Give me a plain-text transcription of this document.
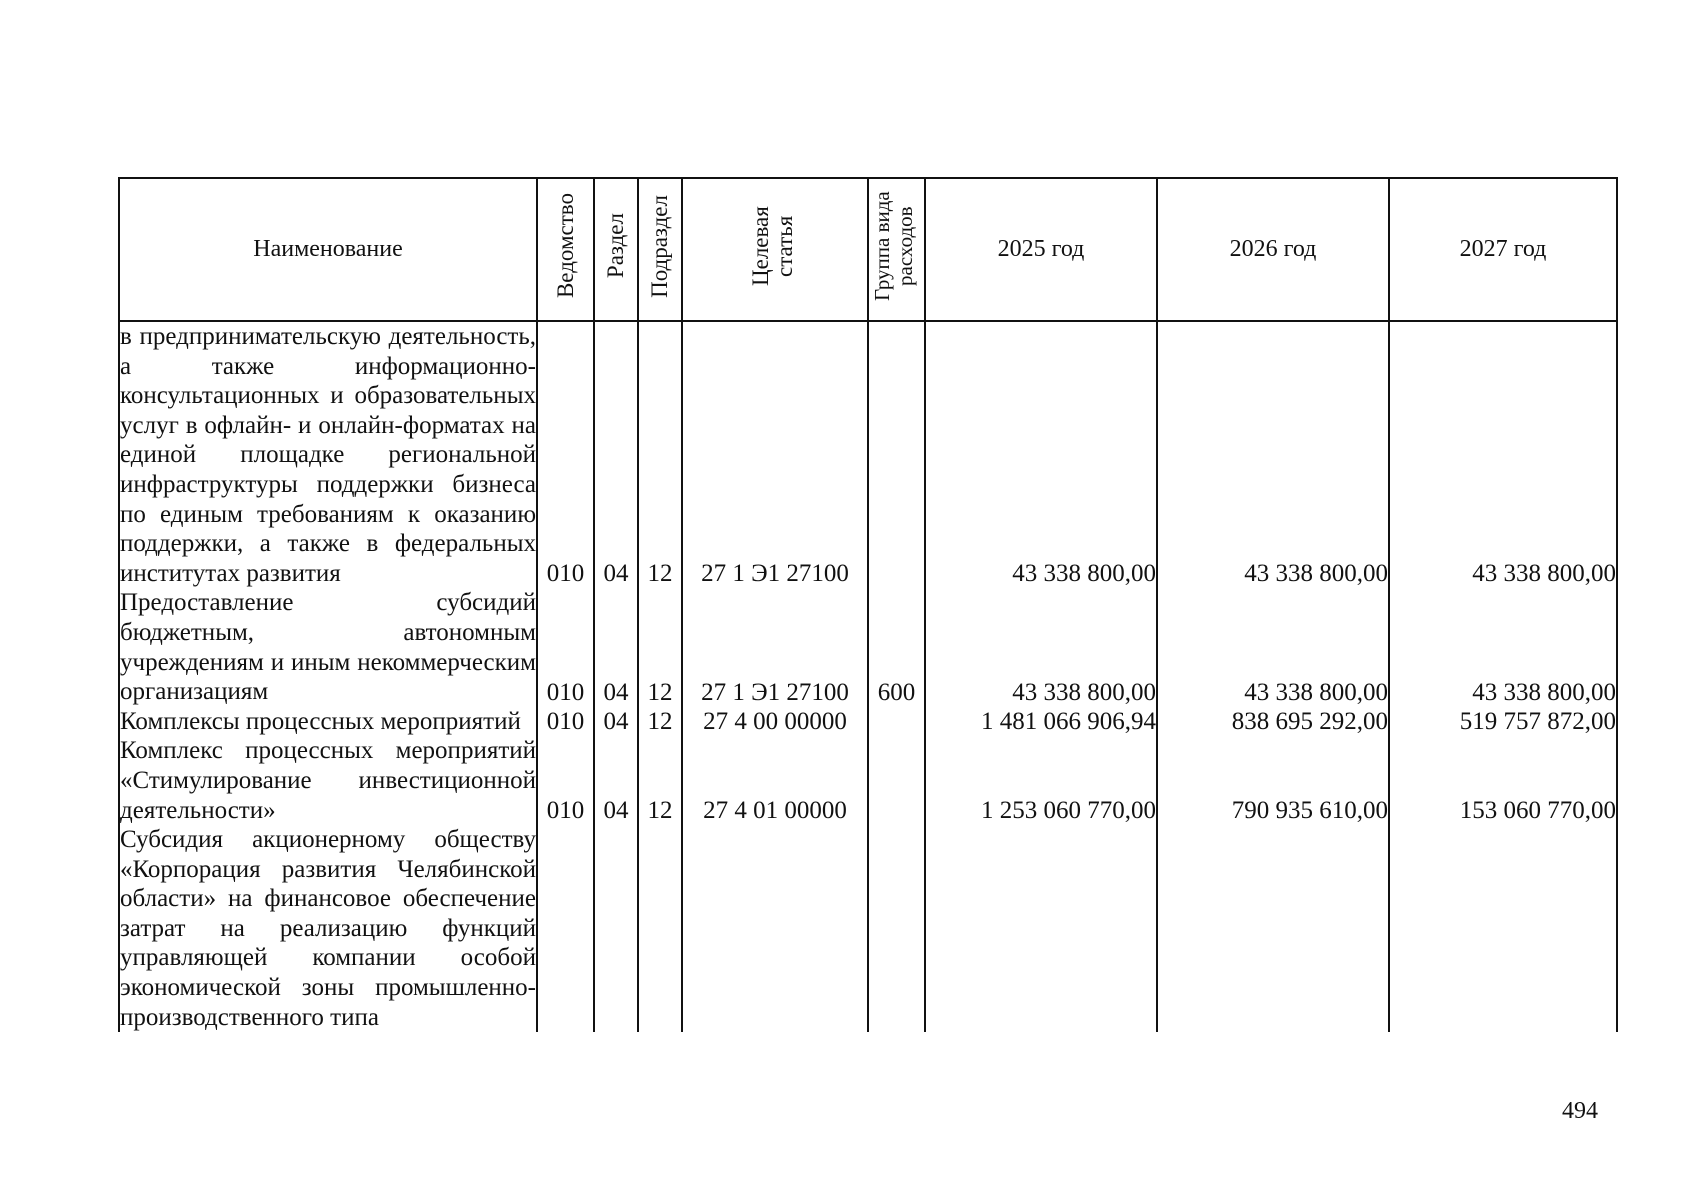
Наименование	Ведомство	Раздел	Подраздел	Целевая статья	Группа вида расходов	2025 год	2026 год	2027 год
в предпринимательскую деятельность, а также информационно-консультационных и образовательных услуг в офлайн- и онлайн-форматах на единой площадке региональной инфраструктуры поддержки бизнеса по единым требованиям к оказанию поддержки, а также в федеральных институтах развития	010	04	12	27 1 Э1 27100		43 338 800,00	43 338 800,00	43 338 800,00
Предоставление субсидий бюджетным, автономным учреждениям и иным некоммерческим организациям	010	04	12	27 1 Э1 27100	600	43 338 800,00	43 338 800,00	43 338 800,00
Комплексы процессных мероприятий	010	04	12	27 4 00 00000		1 481 066 906,94	838 695 292,00	519 757 872,00
Комплекс процессных мероприятий «Стимулирование инвестиционной деятельности»	010	04	12	27 4 01 00000		1 253 060 770,00	790 935 610,00	153 060 770,00
Субсидия акционерному обществу «Корпорация развития Челябинской области» на финансовое обеспечение затрат на реализацию функций управляющей компании особой экономической зоны промышленно-производственного типа								
494
